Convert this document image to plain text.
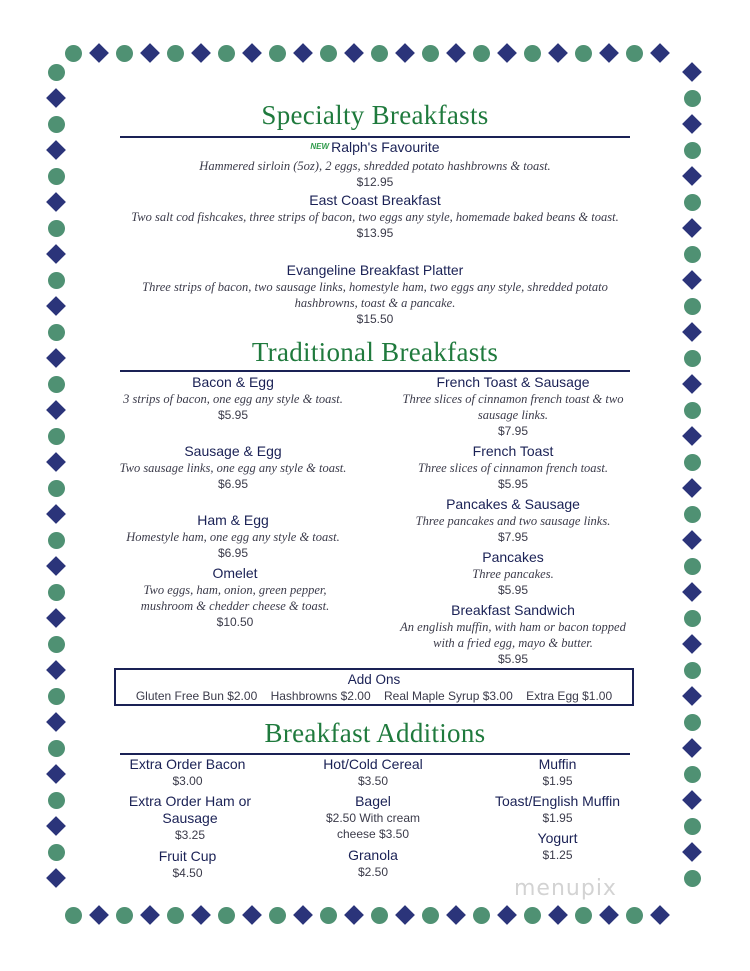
Specialty Breakfasts
$^{NEW}$ Ralph's Favourite
Hammered sirloin (5oz), 2 eggs, shredded potato hashbrowns & toast.
$12.95
East Coast Breakfast
Two salt cod fishcakes, three strips of bacon, two eggs any style, homemade baked beans & toast.
$13.95
Evangeline Breakfast Platter
Three strips of bacon, two sausage links, homestyle ham, two eggs any style, shredded potato hashbrowns, toast & a pancake.
$15.50
Traditional Breakfasts
Bacon & Egg
3 strips of bacon, one egg any style & toast.
$5.95
Sausage & Egg
Two sausage links, one egg any style & toast.
$6.95
Ham & Egg
Homestyle ham, one egg any style & toast.
$6.95
Omelet
Two eggs, ham, onion, green pepper, mushroom & chedder cheese & toast.
$10.50
French Toast & Sausage
Three slices of cinnamon french toast & two sausage links.
$7.95
French Toast
Three slices of cinnamon french toast.
$5.95
Pancakes & Sausage
Three pancakes and two sausage links.
$7.95
Pancakes
Three pancakes.
$5.95
Breakfast Sandwich
An english muffin, with ham or bacon topped with a fried egg, mayo & butter.
$5.95
Add Ons
Gluten Free Bun $2.00 Hashbrowns $2.00 Real Maple Syrup $3.00 Extra Egg $1.00
Breakfast Additions
Extra Order Bacon
$3.00
Extra Order Ham or Sausage
$3.25
Fruit Cup
$4.50
Hot/Cold Cereal
$3.50
Bagel
$2.50 With cream cheese $3.50
Granola
$2.50
Muffin
$1.95
Toast/English Muffin
$1.95
Yogurt
$1.25
menupix
